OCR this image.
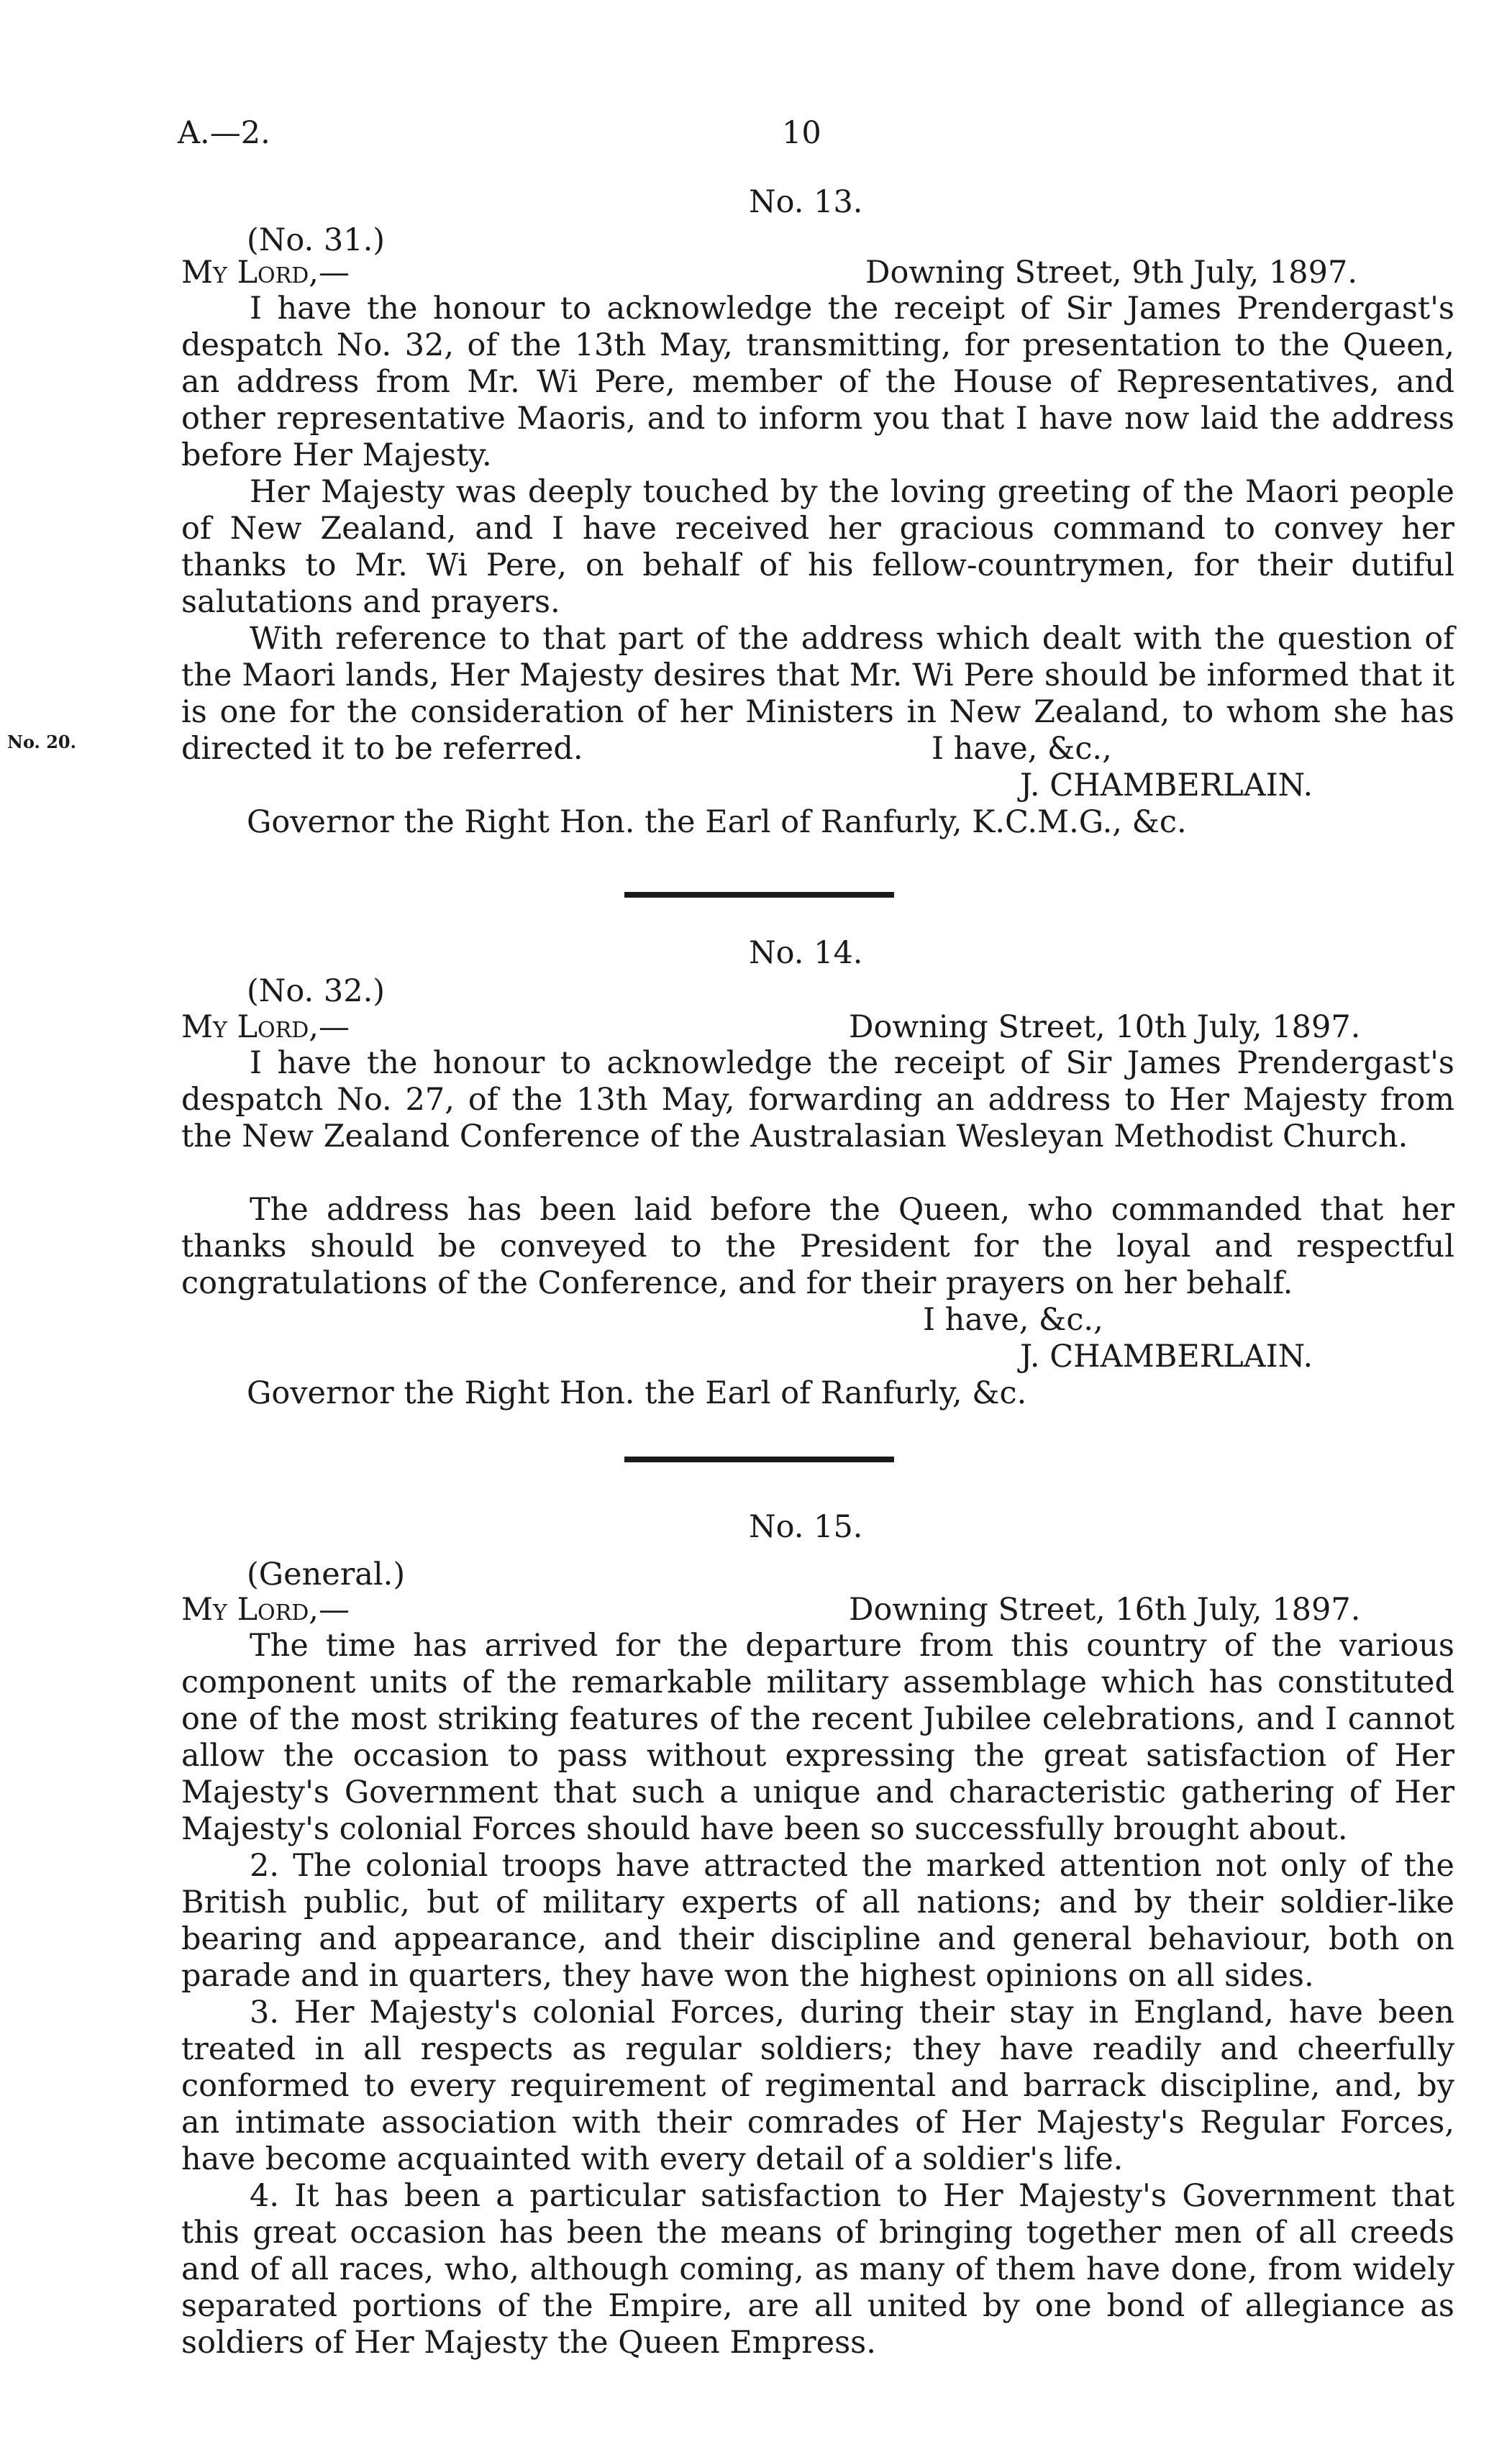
A.—2.	10
No. 13.
(No. 31.)
My Lord,—	Downing Street, 9th July, 1897.

I have the honour to acknowledge the receipt of Sir James Prendergast's despatch No. 32, of the 13th May, transmitting, for presentation to the Queen, an address from Mr. Wi Pere, member of the House of Representatives, and other representative Maoris, and to inform you that I have now laid the address before Her Majesty.

Her Majesty was deeply touched by the loving greeting of the Maori people of New Zealand, and I have received her gracious command to convey her thanks to Mr. Wi Pere, on behalf of his fellow-countrymen, for their dutiful salutations and prayers.

With reference to that part of the address which dealt with the question of the Maori lands, Her Majesty desires that Mr. Wi Pere should be informed that it is one for the consideration of her Ministers in New Zealand, to whom she has directed it to be referred.

No. 20.	I have, &c.,
J. CHAMBERLAIN.
Governor the Right Hon. the Earl of Ranfurly, K.C.M.G., &c.
No. 14.
(No. 32.)
My Lord,—	Downing Street, 10th July, 1897.

I have the honour to acknowledge the receipt of Sir James Prendergast's despatch No. 27, of the 13th May, forwarding an address to Her Majesty from the New Zealand Conference of the Australasian Wesleyan Methodist Church.

The address has been laid before the Queen, who commanded that her thanks should be conveyed to the President for the loyal and respectful congratulations of the Conference, and for their prayers on her behalf.

I have, &c.,
J. CHAMBERLAIN.
Governor the Right Hon. the Earl of Ranfurly, &c.
No. 15.
(General.)
My Lord,—	Downing Street, 16th July, 1897.

The time has arrived for the departure from this country of the various component units of the remarkable military assemblage which has constituted one of the most striking features of the recent Jubilee celebrations, and I cannot allow the occasion to pass without expressing the great satisfaction of Her Majesty's Government that such a unique and characteristic gathering of Her Majesty's colonial Forces should have been so successfully brought about.

2. The colonial troops have attracted the marked attention not only of the British public, but of military experts of all nations; and by their soldier-like bearing and appearance, and their discipline and general behaviour, both on parade and in quarters, they have won the highest opinions on all sides.

3. Her Majesty's colonial Forces, during their stay in England, have been treated in all respects as regular soldiers; they have readily and cheerfully conformed to every requirement of regimental and barrack discipline, and, by an intimate association with their comrades of Her Majesty's Regular Forces, have become acquainted with every detail of a soldier's life.

4. It has been a particular satisfaction to Her Majesty's Government that this great occasion has been the means of bringing together men of all creeds and of all races, who, although coming, as many of them have done, from widely separated portions of the Empire, are all united by one bond of allegiance as soldiers of Her Majesty the Queen Empress.
